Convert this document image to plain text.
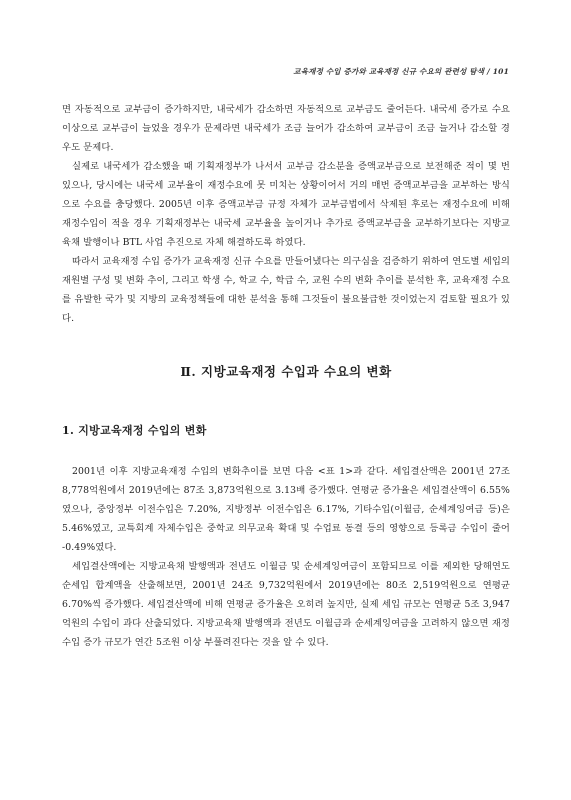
교육재정 수입 증가와 교육재정 신규 수요의 관련성 탐색 / 101

면 자동적으로 교부금이 증가하지만, 내국세가 감소하면 자동적으로 교부금도 줄어든다. 내국세 증가로 수요 이상으로 교부금이 늘었을 경우가 문제라면 내국세가 조금 늘어가 감소하여 교부금이 조금 늘거나 감소할 경우도 문제다.

실제로 내국세가 감소했을 때 기획재정부가 나서서 교부금 감소분을 증액교부금으로 보전해준 적이 몇 번 있으나, 당시에는 내국세 교부율이 재정수요에 못 미치는 상황이어서 거의 매번 증액교부금을 교부하는 방식으로 수요를 충당했다. 2005년 이후 증액교부금 규정 자체가 교부금법에서 삭제된 후로는 재정수요에 비해 재정수입이 적을 경우 기획재정부는 내국세 교부율을 높이거나 추가로 증액교부금을 교부하기보다는 지방교육채 발행이나 BTL 사업 추진으로 자체 해결하도록 하였다.

따라서 교육재정 수입 증가가 교육재정 신규 수요를 만들어냈다는 의구심을 검증하기 위하여 연도별 세입의 재원별 구성 및 변화 추이, 그리고 학생 수, 학교 수, 학급 수, 교원 수의 변화 추이를 분석한 후, 교육재정 수요를 유발한 국가 및 지방의 교육정책들에 대한 분석을 통해 그것들이 불요불급한 것이었는지 검토할 필요가 있다.

Ⅱ. 지방교육재정 수입과 수요의 변화
1. 지방교육재정 수입의 변화

2001년 이후 지방교육재정 수입의 변화추이를 보면 다음 <표 1>과 같다. 세입결산액은 2001년 27조 8,778억원에서 2019년에는 87조 3,873억원으로 3.13배 증가했다. 연평균 증가율은 세입결산액이 6.55%였으나, 중앙정부 이전수입은 7.20%, 지방정부 이전수입은 6.17%, 기타수입(이월금, 순세계잉여금 등)은 5.46%였고, 교특회계 자체수입은 중학교 의무교육 확대 및 수업료 동결 등의 영향으로 등록금 수입이 줄어 -0.49%였다.

세입결산액에는 지방교육채 발행액과 전년도 이월금 및 순세계잉여금이 포함되므로 이를 제외한 당해연도 순세입 합계액을 산출해보면, 2001년 24조 9,732억원에서 2019년에는 80조 2,519억원으로 연평균 6.70%씩 증가했다. 세입결산액에 비해 연평균 증가율은 오히려 높지만, 실제 세입 규모는 연평균 5조 3,947억원의 수입이 과다 산출되었다. 지방교육채 발행액과 전년도 이월금과 순세계잉여금을 고려하지 않으면 재정 수입 증가 규모가 연간 5조원 이상 부풀려진다는 것을 알 수 있다.
